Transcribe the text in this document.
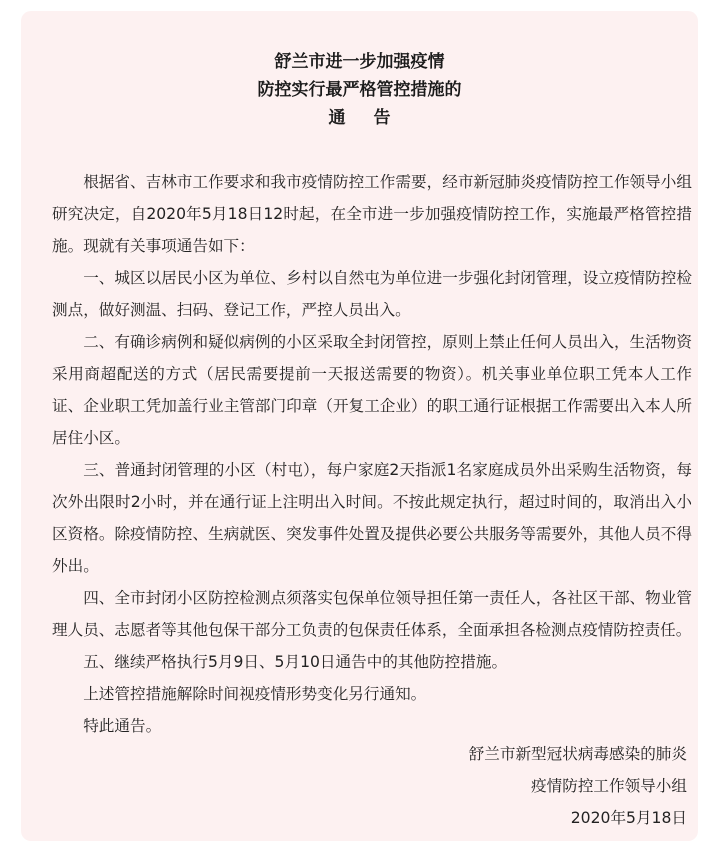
舒兰市进一步加强疫情
防控实行最严格管控措施的
通告

根据省、吉林市工作要求和我市疫情防控工作需要，经市新冠肺炎疫情防控工作领导小组研究决定，自2020年5月18日12时起，在全市进一步加强疫情防控工作，实施最严格管控措施。现就有关事项通告如下：

一、城区以居民小区为单位、乡村以自然屯为单位进一步强化封闭管理，设立疫情防控检测点，做好测温、扫码、登记工作，严控人员出入。

二、有确诊病例和疑似病例的小区采取全封闭管控，原则上禁止任何人员出入，生活物资采用商超配送的方式（居民需要提前一天报送需要的物资）。机关事业单位职工凭本人工作证、企业职工凭加盖行业主管部门印章（开复工企业）的职工通行证根据工作需要出入本人所居住小区。

三、普通封闭管理的小区（村屯），每户家庭2天指派1名家庭成员外出采购生活物资，每次外出限时2小时，并在通行证上注明出入时间。不按此规定执行，超过时间的，取消出入小区资格。除疫情防控、生病就医、突发事件处置及提供必要公共服务等需要外，其他人员不得外出。

四、全市封闭小区防控检测点须落实包保单位领导担任第一责任人，各社区干部、物业管理人员、志愿者等其他包保干部分工负责的包保责任体系，全面承担各检测点疫情防控责任。

五、继续严格执行5月9日、5月10日通告中的其他防控措施。

上述管控措施解除时间视疫情形势变化另行通知。

特此通告。

舒兰市新型冠状病毒感染的肺炎
疫情防控工作领导小组
2020年5月18日
